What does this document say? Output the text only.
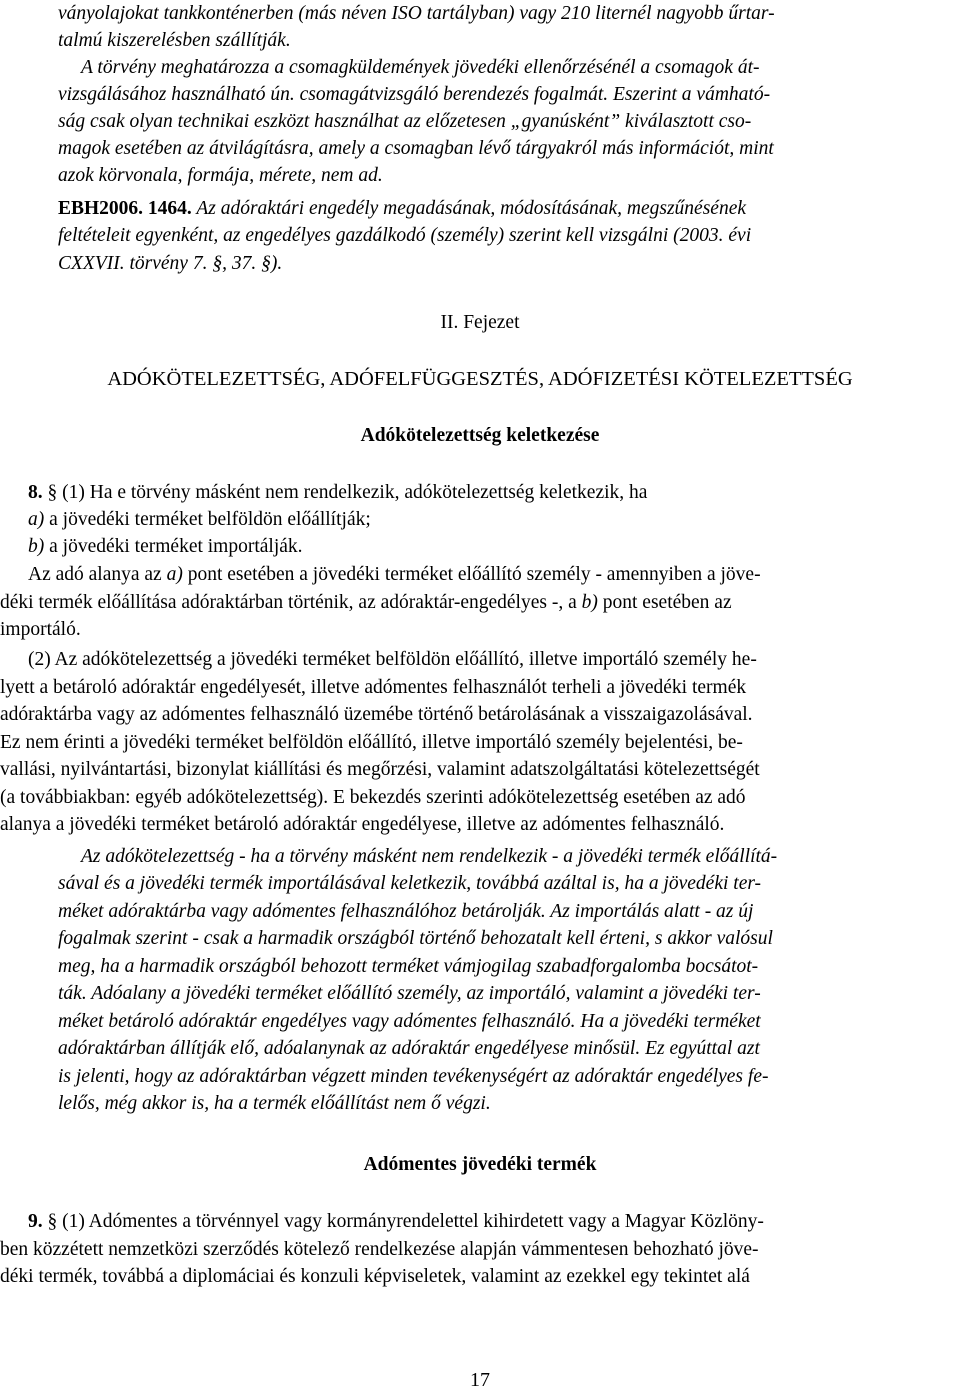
ványolajokat tankkonténerben (más néven ISO tartályban) vagy 210 liternél nagyobb űrtar-
talmú kiszerelésben szállítják.
A törvény meghatározza a csomagküldemények jövedéki ellenőrzésénél a csomagok át-
vizsgálásához használható ún. csomagátvizsgáló berendezés fogalmát. Eszerint a vámható-
ság csak olyan technikai eszközt használhat az előzetesen „gyanúsként” kiválasztott cso-
magok esetében az átvilágításra, amely a csomagban lévő tárgyakról más információt, mint
azok körvonala, formája, mérete, nem ad.
EBH2006. 1464. Az adóraktári engedély megadásának, módosításának, megszűnésének
feltételeit egyenként, az engedélyes gazdálkodó (személy) szerint kell vizsgálni (2003. évi
CXXVII. törvény 7. §, 37. §).
II. Fejezet
ADÓKÖTELEZETTSÉG, ADÓFELFÜGGESZTÉS, ADÓFIZETÉSI KÖTELEZETTSÉG
Adókötelezettség keletkezése
8. § (1) Ha e törvény másként nem rendelkezik, adókötelezettség keletkezik, ha
a) a jövedéki terméket belföldön előállítják;
b) a jövedéki terméket importálják.
Az adó alanya az a) pont esetében a jövedéki terméket előállító személy - amennyiben a jöve-
déki termék előállítása adóraktárban történik, az adóraktár-engedélyes -, a b) pont esetében az
importáló.
(2) Az adókötelezettség a jövedéki terméket belföldön előállító, illetve importáló személy he-
lyett a betároló adóraktár engedélyesét, illetve adómentes felhasználót terheli a jövedéki termék
adóraktárba vagy az adómentes felhasználó üzemébe történő betárolásának a visszaigazolásával.
Ez nem érinti a jövedéki terméket belföldön előállító, illetve importáló személy bejelentési, be-
vallási, nyilvántartási, bizonylat kiállítási és megőrzési, valamint adatszolgáltatási kötelezettségét
(a továbbiakban: egyéb adókötelezettség). E bekezdés szerinti adókötelezettség esetében az adó
alanya a jövedéki terméket betároló adóraktár engedélyese, illetve az adómentes felhasználó.
Az adókötelezettség - ha a törvény másként nem rendelkezik - a jövedéki termék előállítá-
sával és a jövedéki termék importálásával keletkezik, továbbá azáltal is, ha a jövedéki ter-
méket adóraktárba vagy adómentes felhasználóhoz betárolják. Az importálás alatt - az új
fogalmak szerint - csak a harmadik országból történő behozatalt kell érteni, s akkor valósul
meg, ha a harmadik országból behozott terméket vámjogilag szabadforgalomba bocsátot-
ták. Adóalany a jövedéki terméket előállító személy, az importáló, valamint a jövedéki ter-
méket betároló adóraktár engedélyes vagy adómentes felhasználó. Ha a jövedéki terméket
adóraktárban állítják elő, adóalanynak az adóraktár engedélyese minősül. Ez egyúttal azt
is jelenti, hogy az adóraktárban végzett minden tevékenységért az adóraktár engedélyes fe-
lelős, még akkor is, ha a termék előállítást nem ő végzi.
Adómentes jövedéki termék
9. § (1) Adómentes a törvénnyel vagy kormányrendelettel kihirdetett vagy a Magyar Közlöny-
ben közzétett nemzetközi szerződés kötelező rendelkezése alapján vámmentesen behozható jöve-
déki termék, továbbá a diplomáciai és konzuli képviseletek, valamint az ezekkel egy tekintet alá
17
